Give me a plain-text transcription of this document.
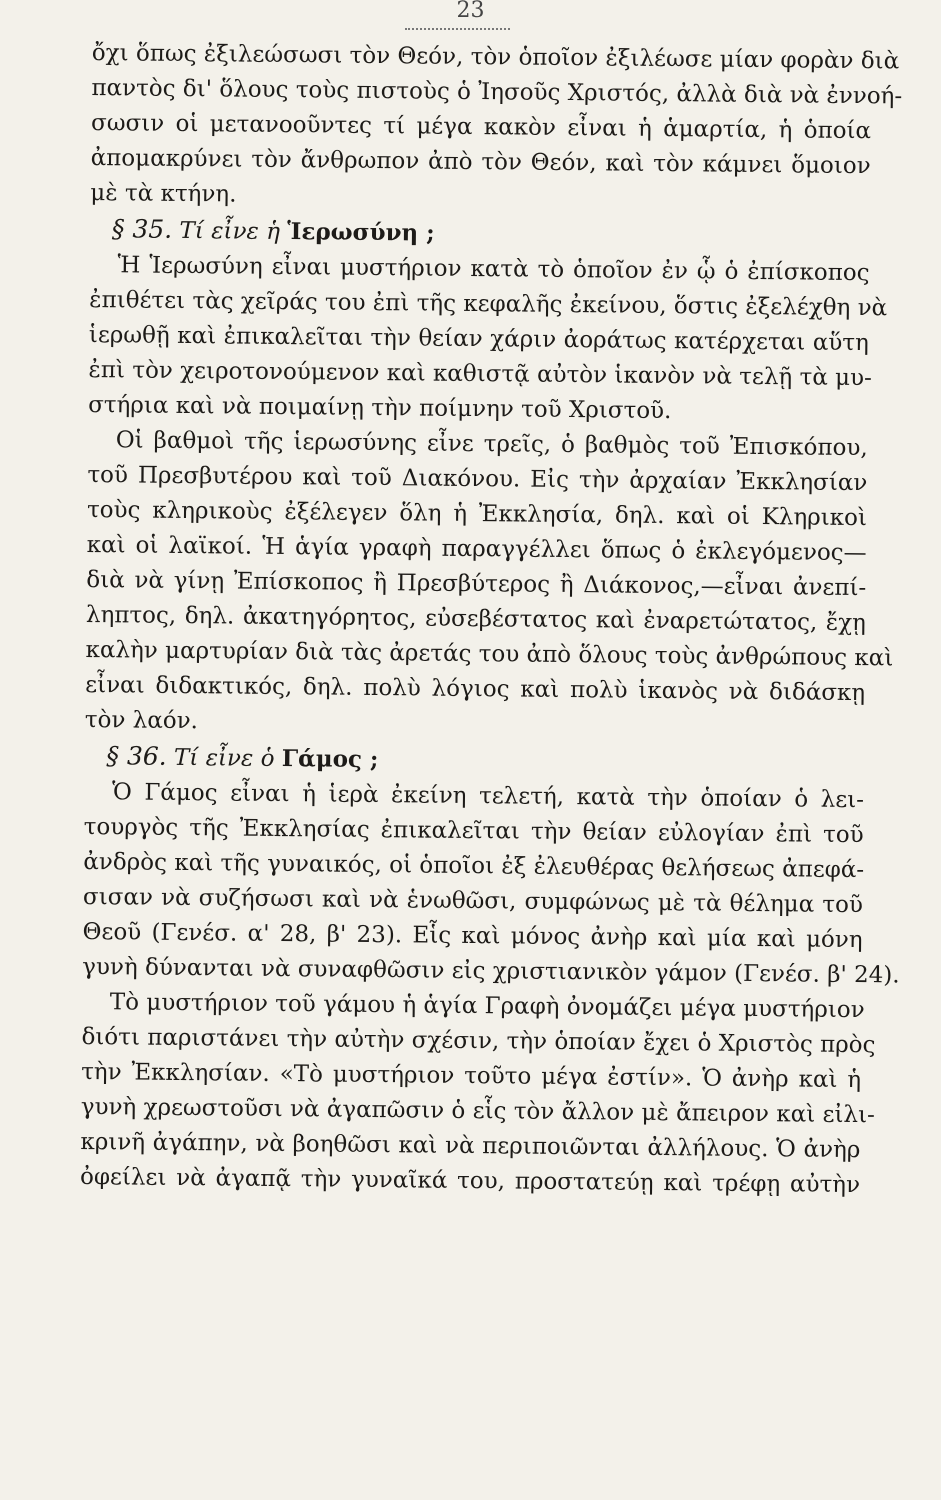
23
ὄχι ὅπως ἐξιλεώσωσι τὸν Θεόν, τὸν ὁποῖον ἐξιλέωσε μίαν φορὰν διὰ
παντὸς δι' ὅλους τοὺς πιστοὺς ὁ Ἰησοῦς Χριστός, ἀλλὰ διὰ νὰ ἐννοή-
σωσιν οἱ μετανοοῦντες τί μέγα κακὸν εἶναι ἡ ἁμαρτία, ἡ ὁποία
ἀπομακρύνει τὸν ἄνθρωπον ἀπὸ τὸν Θεόν, καὶ τὸν κάμνει ὅμοιον
μὲ τὰ κτήνη.
§ 35. Τί εἶνε ἡ Ἱερωσύνη ;
Ἡ Ἱερωσύνη εἶναι μυστήριον κατὰ τὸ ὁποῖον ἐν ᾧ ὁ ἐπίσκοπος
ἐπιθέτει τὰς χεῖράς του ἐπὶ τῆς κεφαλῆς ἐκείνου, ὅστις ἐξελέχθη νὰ
ἱερωθῇ καὶ ἐπικαλεῖται τὴν θείαν χάριν ἀοράτως κατέρχεται αὕτη
ἐπὶ τὸν χειροτονούμενον καὶ καθιστᾷ αὐτὸν ἱκανὸν νὰ τελῇ τὰ μυ-
στήρια καὶ νὰ ποιμαίνῃ τὴν ποίμνην τοῦ Χριστοῦ.
Οἱ βαθμοὶ τῆς ἱερωσύνης εἶνε τρεῖς, ὁ βαθμὸς τοῦ Ἐπισκόπου,
τοῦ Πρεσβυτέρου καὶ τοῦ Διακόνου. Εἰς τὴν ἀρχαίαν Ἐκκλησίαν
τοὺς κληρικοὺς ἐξέλεγεν ὅλη ἡ Ἐκκλησία, δηλ. καὶ οἱ Κληρικοὶ
καὶ οἱ λαϊκοί. Ἡ ἁγία γραφὴ παραγγέλλει ὅπως ὁ ἐκλεγόμενος—
διὰ νὰ γίνῃ Ἐπίσκοπος ἢ Πρεσβύτερος ἢ Διάκονος,—εἶναι ἀνεπί-
ληπτος, δηλ. ἀκατηγόρητος, εὐσεβέστατος καὶ ἐναρετώτατος, ἔχῃ
καλὴν μαρτυρίαν διὰ τὰς ἀρετάς του ἀπὸ ὅλους τοὺς ἀνθρώπους καὶ
εἶναι διδακτικός, δηλ. πολὺ λόγιος καὶ πολὺ ἱκανὸς νὰ διδάσκῃ
τὸν λαόν.
§ 36. Τί εἶνε ὁ Γάμος ;
Ὁ Γάμος εἶναι ἡ ἱερὰ ἐκείνη τελετή, κατὰ τὴν ὁποίαν ὁ λει-
τουργὸς τῆς Ἐκκλησίας ἐπικαλεῖται τὴν θείαν εὐλογίαν ἐπὶ τοῦ
ἀνδρὸς καὶ τῆς γυναικός, οἱ ὁποῖοι ἐξ ἐλευθέρας θελήσεως ἀπεφά-
σισαν νὰ συζήσωσι καὶ νὰ ἑνωθῶσι, συμφώνως μὲ τὰ θέλημα τοῦ
Θεοῦ (Γενέσ. α' 28, β' 23). Εἷς καὶ μόνος ἀνὴρ καὶ μία καὶ μόνη
γυνὴ δύνανται νὰ συναφθῶσιν εἰς χριστιανικὸν γάμον (Γενέσ. β' 24).
Τὸ μυστήριον τοῦ γάμου ἡ ἁγία Γραφὴ ὀνομάζει μέγα μυστήριον
διότι παριστάνει τὴν αὐτὴν σχέσιν, τὴν ὁποίαν ἔχει ὁ Χριστὸς πρὸς
τὴν Ἐκκλησίαν. «Τὸ μυστήριον τοῦτο μέγα ἐστίν». Ὁ ἀνὴρ καὶ ἡ
γυνὴ χρεωστοῦσι νὰ ἀγαπῶσιν ὁ εἷς τὸν ἄλλον μὲ ἄπειρον καὶ εἰλι-
κρινῆ ἀγάπην, νὰ βοηθῶσι καὶ νὰ περιποιῶνται ἀλλήλους. Ὁ ἀνὴρ
ὀφείλει νὰ ἀγαπᾷ τὴν γυναῖκά του, προστατεύῃ καὶ τρέφῃ αὐτὴν
